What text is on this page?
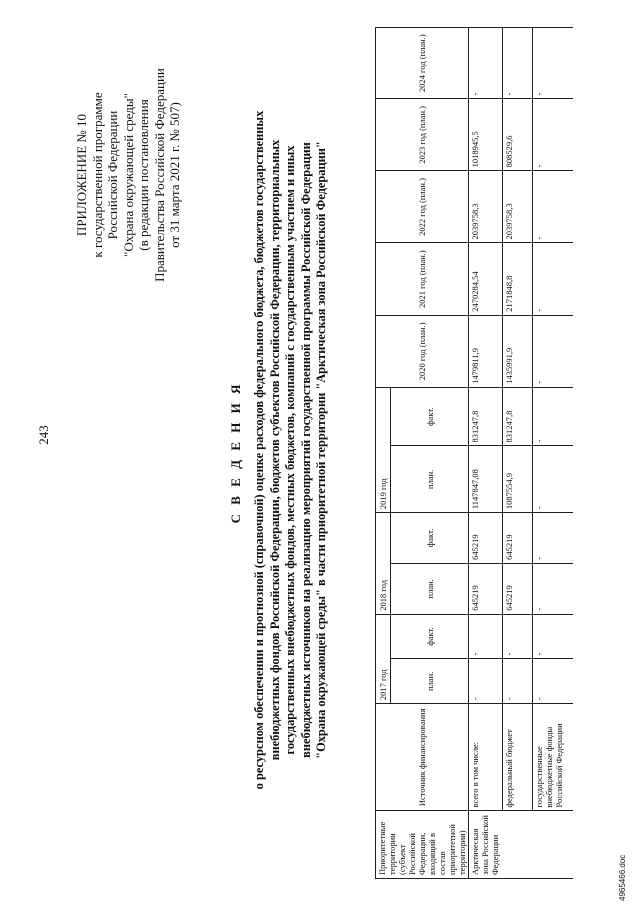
243
ПРИЛОЖЕНИЕ № 10 к государственной программе Российской Федерации "Охрана окружающей среды" (в редакции постановления Правительства Российской Федерации от 31 марта 2021 г. № 507)
С В Е Д Е Н И Я о ресурсном обеспечении и прогнозной (справочной) оценке расходов федерального бюджета, бюджетов государственных внебюджетных фондов Российской Федерации, бюджетов субъектов Российской Федерации, территориальных государственных внебюджетных фондов, местных бюджетов, компаний с государственным участием и иных внебюджетных источников на реализацию мероприятий государственной программы Российской Федерации "Охрана окружающей среды" в части приоритетной территории "Арктическая зона Российской Федерации"
Приоритетные территории (субъект Российской Федерации, входящий в состав приоритетной территории)	Источник финансирования	2017 год		2018 год		2019 год		2020 год (план.)	2021 год (план.)	2022 год (план.)	2023 год (план.)	2024 год (план.)
		план.	факт.	план.	факт.	план.	факт.					
Арктическая зона Российской Федерации	всего в том числе:	-	-	645219	645219	1147847,08	831247,8	1479811,9	2470284,54	2039758,3	1018945,5	-
	федеральный бюджет	-	-	645219	645219	1087554,9	831247,8	1435991,9	2171848,8	2039758,3	808529,6	-
	государственные внебюджетные фонды Российской Федерации	-	-	-	-	-	-	-	-	-	-	-
4965466.doc
